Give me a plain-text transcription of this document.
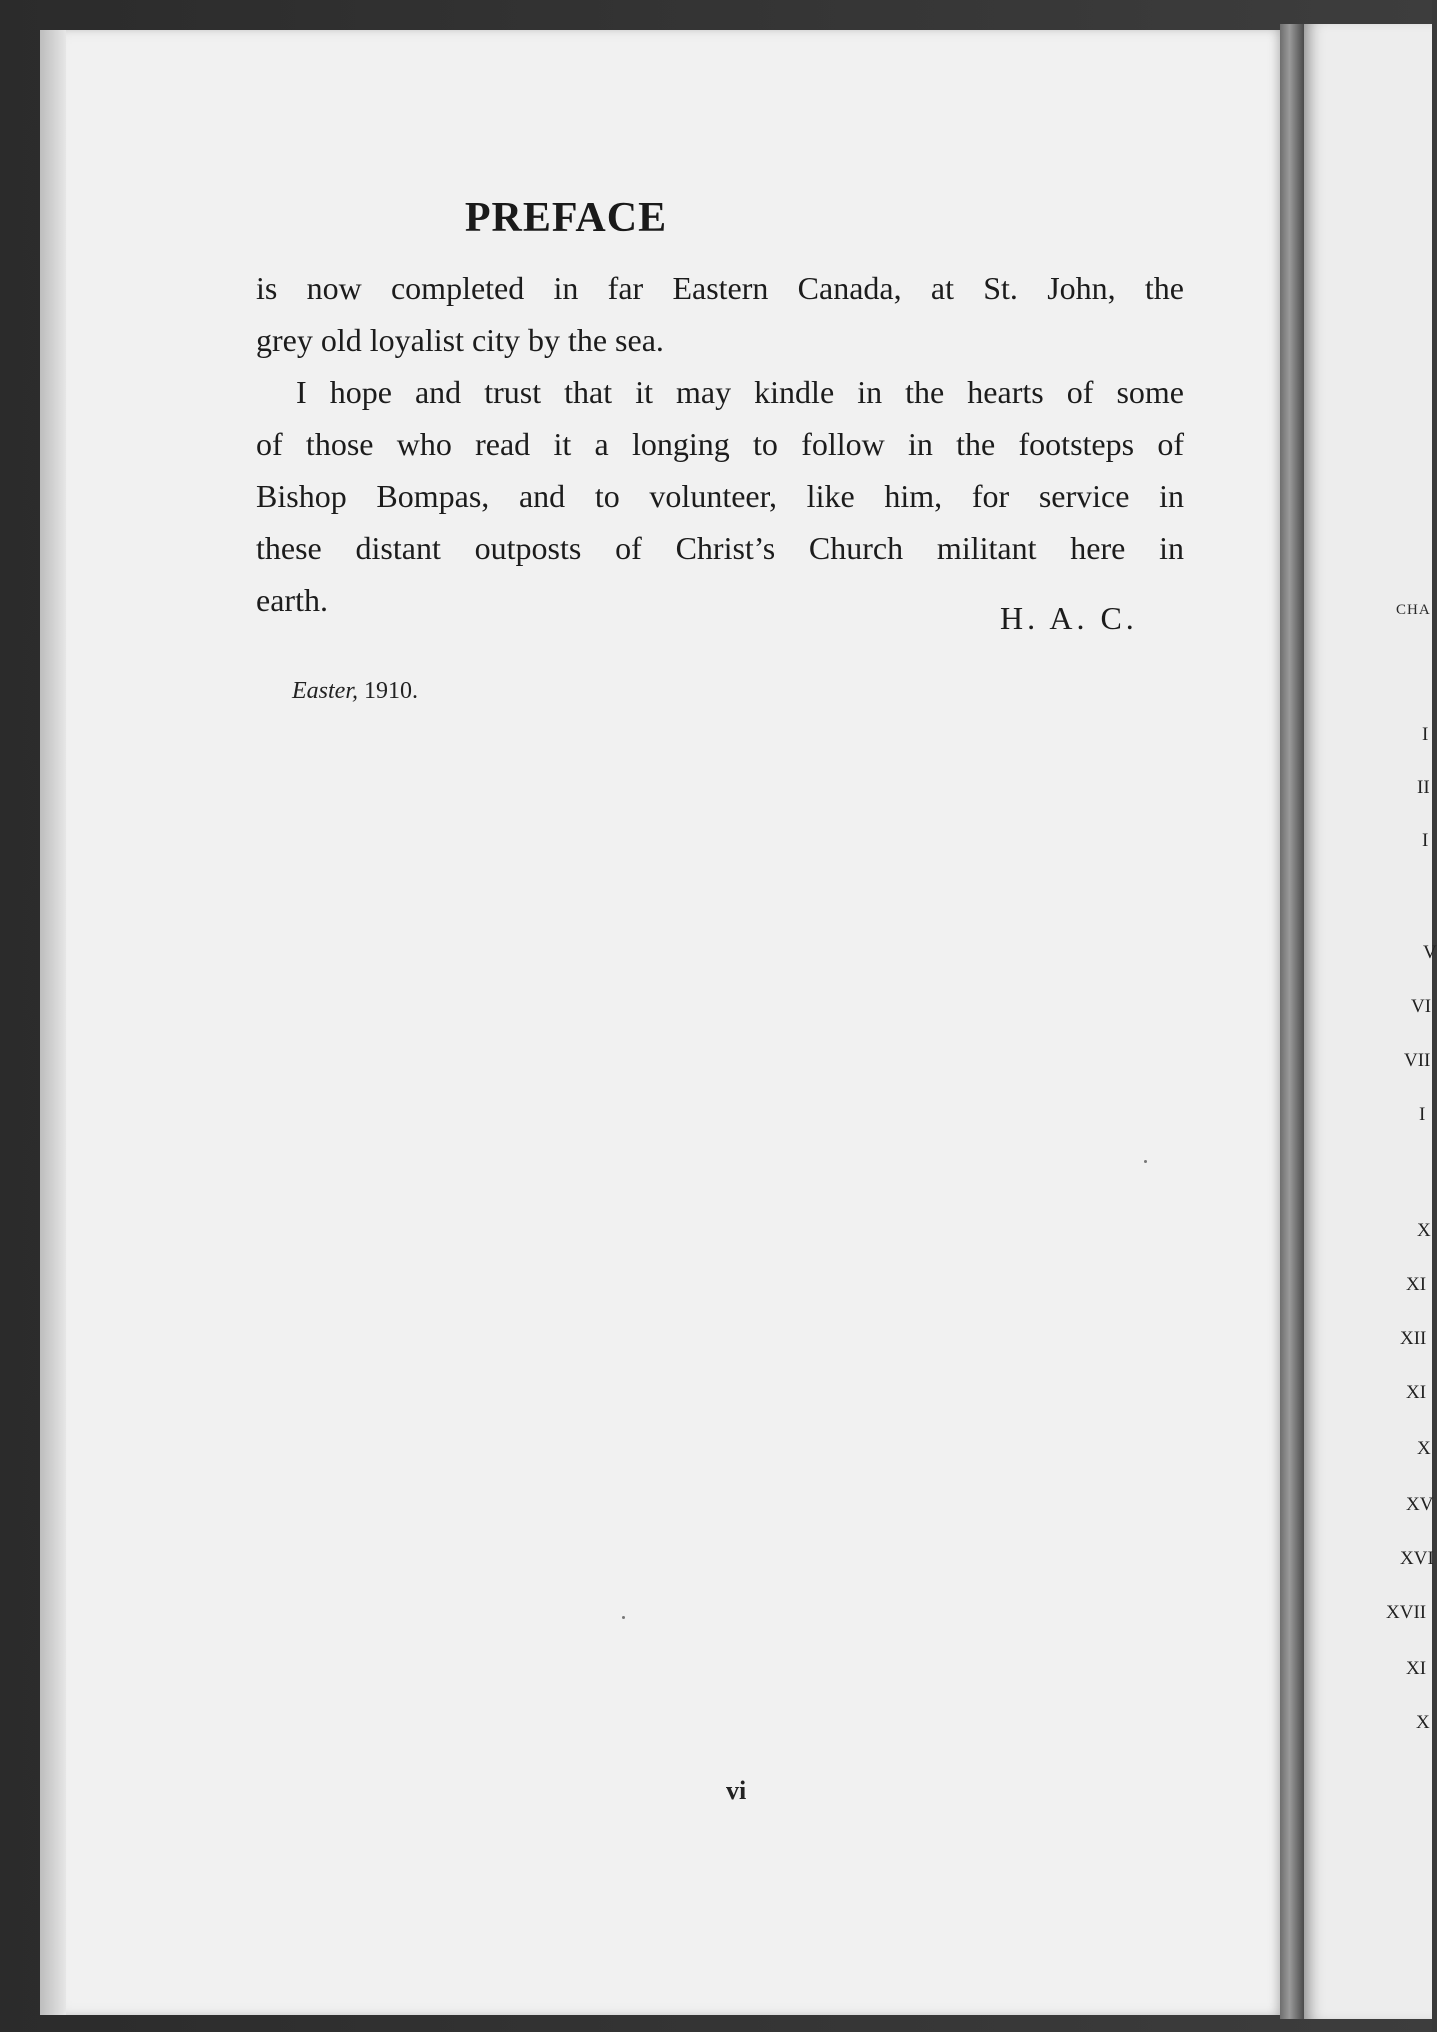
CHA
I
II
I
V
VI
VII
I
X
XI
XII
XI
X
XV
XVI
XVII
XI
X
PREFACE
is now completed in far Eastern Canada, at St. John, the
grey old loyalist city by the sea.
I hope and trust that it may kindle in the hearts of some
of those who read it a longing to follow in the footsteps of
Bishop Bompas, and to volunteer, like him, for service in
these distant outposts of Christ’s Church militant here in
earth.	H. A. C.
Easter, 1910.
vi
